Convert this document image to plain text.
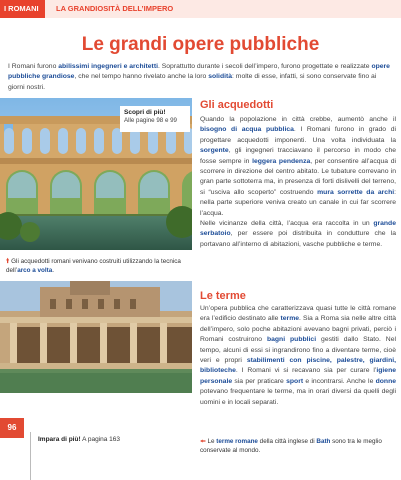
I ROMANI	LA GRANDIOSITÀ DELL’IMPERO
Le grandi opere pubbliche
I Romani furono abilissimi ingegneri e architetti. Soprattutto durante i secoli dell’impero, furono progettate e realizzate opere pubbliche grandiose, che nel tempo hanno rivelato anche la loro solidità: molte di esse, infatti, si sono conservate fino ai giorni nostri.
Scopri di più!
Alle pagine 98 e 99
🠙 Gli acquedotti romani venivano costruiti utilizzando la tecnica dell’arco a volta.
Gli acquedotti
Quando la popolazione in città crebbe, aumentò anche il bisogno di acqua pubblica. I Romani furono in grado di progettare acquedotti imponenti. Una volta individuata la sorgente, gli ingegneri tracciavano il percorso in modo che fosse sempre in leggera pendenza, per consentire all’acqua di scorrere in direzione del centro abitato. Le tubature correvano in gran parte sottoterra ma, in presenza di forti dislivelli del terreno, si “usciva allo scoperto” costruendo mura sorrette da archi: nella parte superiore veniva creato un canale in cui far scorrere l’acqua.
Nelle vicinanze della città, l’acqua era raccolta in un grande serbatoio, per essere poi distribuita in condutture che la portavano all’interno di abitazioni, vasche pubbliche e terme.
Le terme
Un’opera pubblica che caratterizzava quasi tutte le città romane era l’edificio destinato alle terme. Sia a Roma sia nelle altre città dell’impero, solo poche abitazioni avevano bagni privati, perciò i Romani costruirono bagni pubblici gestiti dallo Stato. Nel tempo, alcuni di essi si ingrandirono fino a diventare terme, cioè veri e propri stabilimenti con piscine, palestre, giardini, biblioteche. I Romani vi si recavano sia per curare l’igiene personale sia per praticare sport e incontrarsi. Anche le donne potevano frequentare le terme, ma in orari diversi da quelli degli uomini e in locali separati.
🠘 Le terme romane della città inglese di Bath sono tra le meglio conservate al mondo.
96
Impara di più! A pagina 163
